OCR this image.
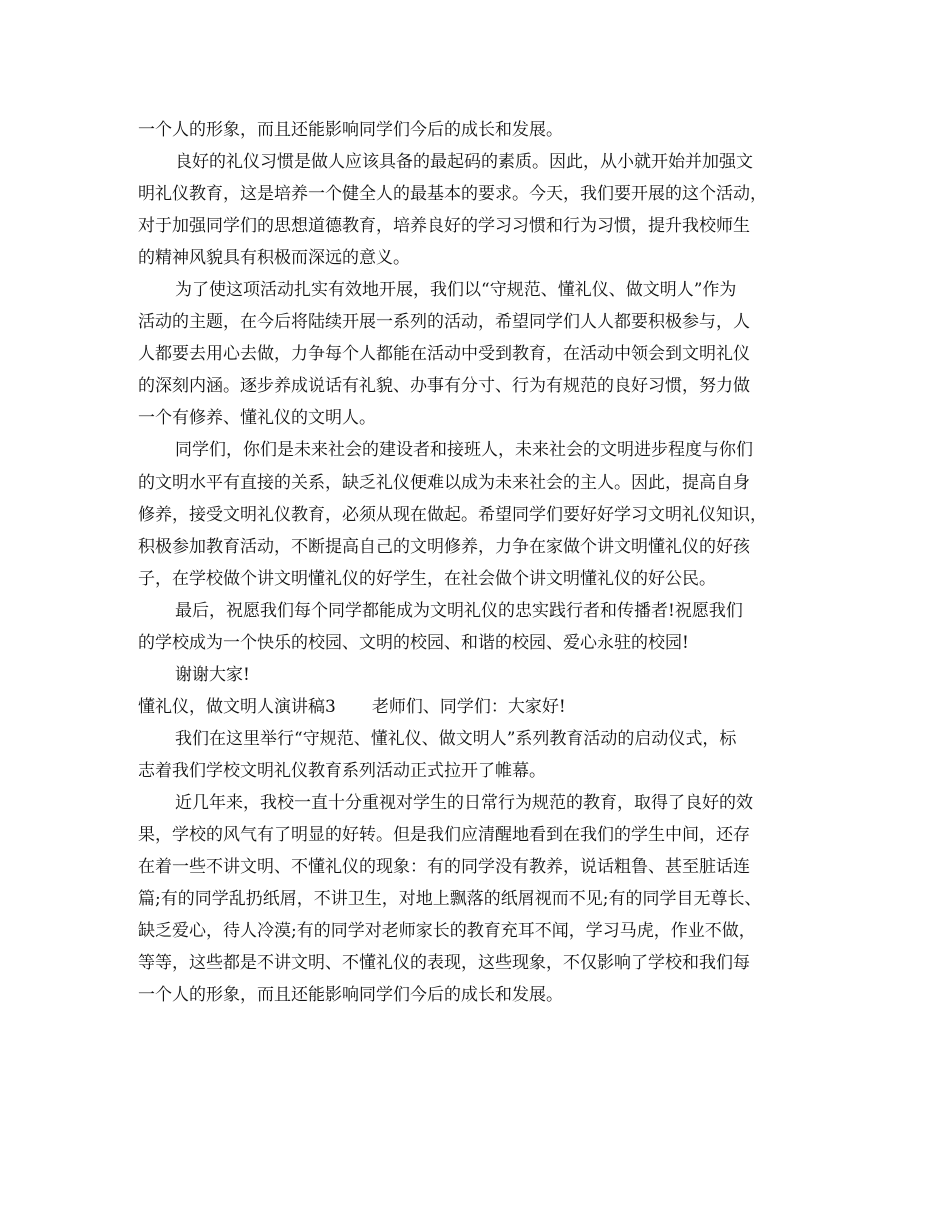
一个人的形象，而且还能影响同学们今后的成长和发展。
良好的礼仪习惯是做人应该具备的最起码的素质。因此，从小就开始并加强文
明礼仪教育，这是培养一个健全人的最基本的要求。今天，我们要开展的这个活动，
对于加强同学们的思想道德教育，培养良好的学习习惯和行为习惯，提升我校师生
的精神风貌具有积极而深远的意义。
为了使这项活动扎实有效地开展，我们以“守规范、懂礼仪、做文明人”作为
活动的主题，在今后将陆续开展一系列的活动，希望同学们人人都要积极参与，人
人都要去用心去做，力争每个人都能在活动中受到教育，在活动中领会到文明礼仪
的深刻内涵。逐步养成说话有礼貌、办事有分寸、行为有规范的良好习惯，努力做
一个有修养、懂礼仪的文明人。
同学们，你们是未来社会的建设者和接班人，未来社会的文明进步程度与你们
的文明水平有直接的关系，缺乏礼仪便难以成为未来社会的主人。因此，提高自身
修养，接受文明礼仪教育，必须从现在做起。希望同学们要好好学习文明礼仪知识，
积极参加教育活动，不断提高自己的文明修养，力争在家做个讲文明懂礼仪的好孩
子，在学校做个讲文明懂礼仪的好学生，在社会做个讲文明懂礼仪的好公民。
最后，祝愿我们每个同学都能成为文明礼仪的忠实践行者和传播者!祝愿我们
的学校成为一个快乐的校园、文明的校园、和谐的校园、爱心永驻的校园!
谢谢大家!
懂礼仪，做文明人演讲稿3 老师们、同学们：大家好!
我们在这里举行“守规范、懂礼仪、做文明人”系列教育活动的启动仪式，标
志着我们学校文明礼仪教育系列活动正式拉开了帷幕。
近几年来，我校一直十分重视对学生的日常行为规范的教育，取得了良好的效
果，学校的风气有了明显的好转。但是我们应清醒地看到在我们的学生中间，还存
在着一些不讲文明、不懂礼仪的现象：有的同学没有教养，说话粗鲁、甚至脏话连
篇;有的同学乱扔纸屑，不讲卫生，对地上飘落的纸屑视而不见;有的同学目无尊长、
缺乏爱心，待人冷漠;有的同学对老师家长的教育充耳不闻，学习马虎，作业不做，
等等，这些都是不讲文明、不懂礼仪的表现，这些现象，不仅影响了学校和我们每
一个人的形象，而且还能影响同学们今后的成长和发展。
